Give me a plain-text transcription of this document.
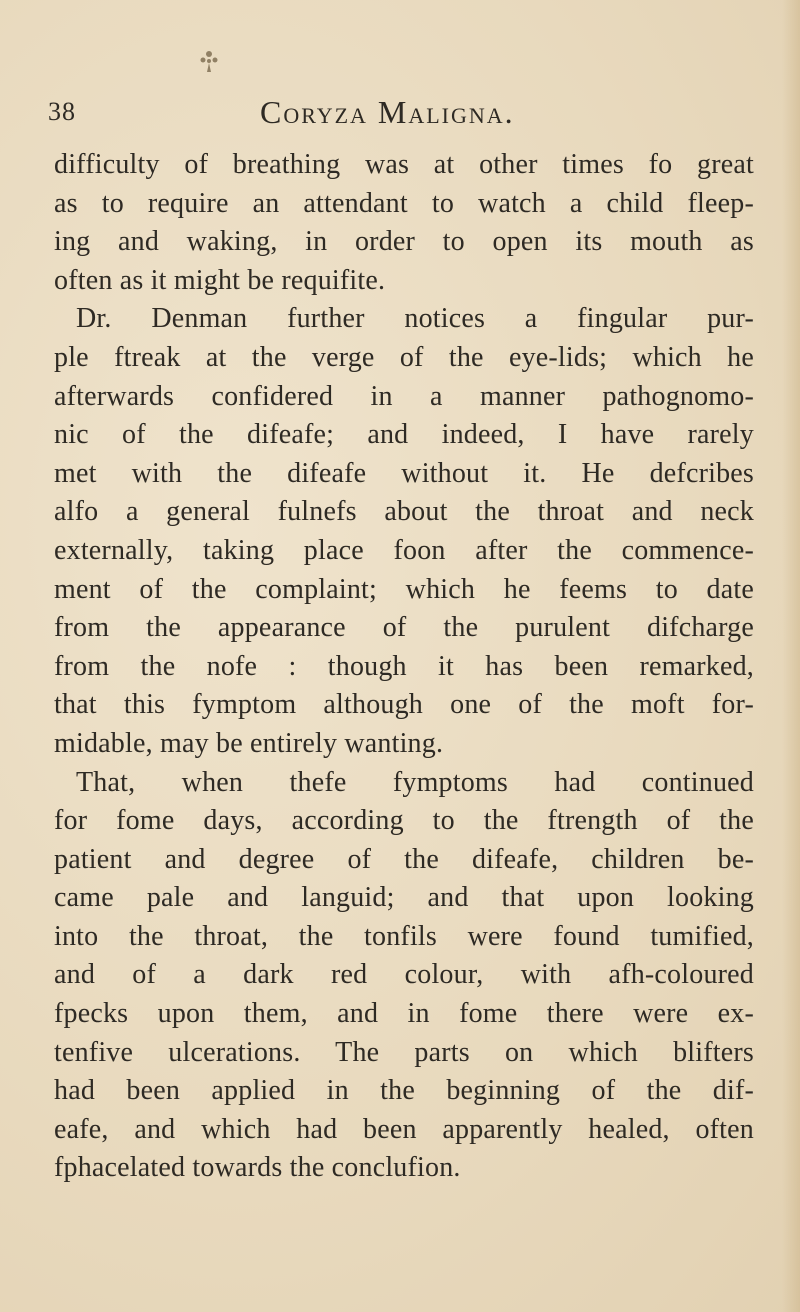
38	Coryza Maligna.
difficulty of breathing was at other times fo great
as to require an attendant to watch a child fleep-
ing and waking, in order to open its mouth as
often as it might be requifite.
Dr. Denman further notices a fingular pur-
ple ftreak at the verge of the eye-lids; which he
afterwards confidered in a manner pathognomo-
nic of the difeafe; and indeed, I have rarely
met with the difeafe without it. He defcribes
alfo a general fulnefs about the throat and neck
externally, taking place foon after the commence-
ment of the complaint; which he feems to date
from the appearance of the purulent difcharge
from the nofe : though it has been remarked,
that this fymptom although one of the moft for-
midable, may be entirely wanting.
That, when thefe fymptoms had continued
for fome days, according to the ftrength of the
patient and degree of the difeafe, children be-
came pale and languid; and that upon looking
into the throat, the tonfils were found tumified,
and of a dark red colour, with afh-coloured
fpecks upon them, and in fome there were ex-
tenfive ulcerations. The parts on which blifters
had been applied in the beginning of the dif-
eafe, and which had been apparently healed, often
fphacelated towards the conclufion.
